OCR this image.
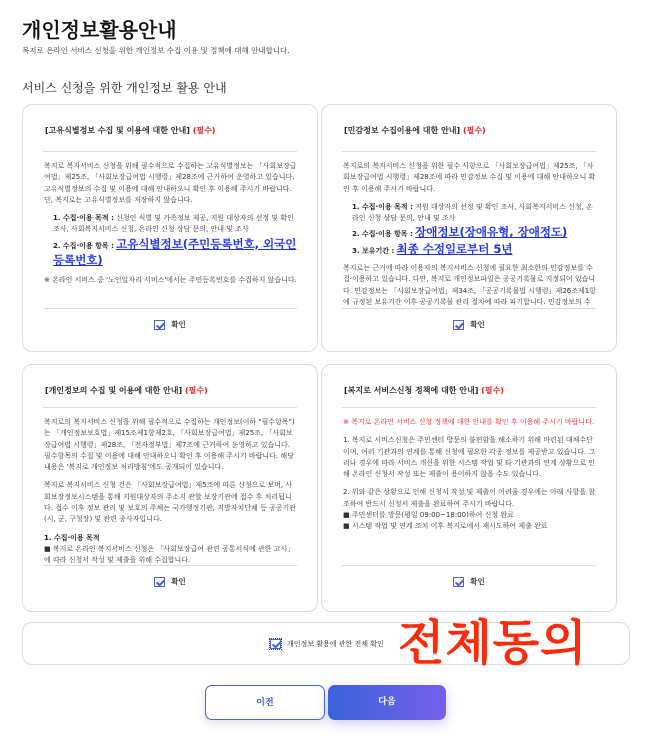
개인정보활용안내
복지로 온라인 서비스 신청을 위한 개인정보 수집 이용 및 정책에 대해 안내합니다.
서비스 신청을 위한 개인정보 활용 안내
[고유식별정보 수집 및 이용에 대한 안내] (필수)

복지로 복지서비스 신청을 위해 필수적으로 수집하는 고유식별정보는 「사회보장급여법」제25조, 「사회보장급여법 시행령」제28조에 근거하여 운영하고 있습니다. 고유식별정보의 수집 및 이용에 대해 안내하오니 확인 후 이용해 주시기 바랍니다. 단, 복지로는 고유식별정보를 저장하지 않습니다.

1. 수집·이용 목적 : 신청인 식별 및 가족정보 제공, 지원 대상자의 선정 및 확인 조사, 사회복지서비스 신청, 온라인 신청 상담 문의, 안내 및 조사
2. 수집·이용 항목 : 고유식별정보(주민등록번호, 외국인등록번호)

※ 온라인 서비스 중 '노인일자리 서비스'에서는 주민등록번호를 수집하지 않습니다.

확인
[민감정보 수집이용에 대한 안내] (필수)

복지로의 복지서비스 신청을 위한 필수 사항으로 「사회보장급여법」제25조, 「사회보장급여법 시행령」제28조에 따라 민감정보 수집 및 이용에 대해 안내하오니 확인 후 이용해 주시기 바랍니다.

1. 수집·이용 목적 : 지원 대상자의 선정 및 확인 조사, 사회복지서비스 신청, 온라인 신청 상담 문의, 안내 및 조사
2. 수집·이용 항목 : 장애정보(장애유형, 장애정도)
3. 보유기간 : 최종 수정일로부터 5년

복지로는 근거에 따라 이용자의 복지서비스 신청에 필요한 최소한의 민감정보를 수집·이용하고 있습니다. 다만, 복지로 개인정보파일은 공공기록물로 지정되어 있습니다. 민감정보는 「사회보장급여법」제34조, 「공공기록물법 시행령」제26조제1항에 규정된 보유기간 이후 공공기록물 관리 절차에 따라 파기합니다. 민감정보의 수

확인
[개인정보의 수집 및 이용에 대한 안내] (필수)

복지로의 복지서비스 신청을 위해 필수적으로 수집하는 개인정보(이하 "필수항목")는 「개인정보보호법」제15조제1항제2호, 「사회보장급여법」제25조, 「사회보장급여법 시행령」제28조, 「전자정부법」제7조에 근거하여 운영하고 있습니다. 필수항목의 수집 및 이용에 대해 안내하오니 확인 후 이용해 주시기 바랍니다. 해당 내용은 '복지로 개인정보 처리방침'에도 공개되어 있습니다.

복지로 복지서비스 신청 건은 「사회보장급여법」제5조에 따른 신청으로 보며, 사회보장정보시스템을 통해 지원대상자의 주소지 관할 보장기관에 접수 후 처리됩니다. 접수 이후 정보 관리 및 보호의 주체는 국가행정기관, 지방자치단체 등 공공기관(시, 군, 구청장) 및 관련 종사자입니다.

1. 수집·이용 목적
■ 복지로 온라인 복지서비스 신청은 「사회보장급여 관련 공통서식에 관한 고시」에 따라 신청서 작성 및 제출을 위해 수집합니다.
확인
[복지로 서비스신청 정책에 대한 안내] (필수)

※ 복지로 온라인 서비스 신청 정책에 대한 안내를 확인 후 이용해 주시기 바랍니다.

1. 복지로 서비스신청은 주민센터 방문의 불편함을 해소하기 위해 마련된 대체수단이며, 여러 기관과의 연계를 통해 신청에 필요한 각종 정보를 제공받고 있습니다. 그러나 경우에 따라 서비스 개선을 위한 시스템 작업 및 타 기관과의 연계 상황으로 인해 온라인 신청서 작성 또는 제출이 용이하지 않을 수도 있습니다.

2. 위와 같은 상황으로 인해 신청서 작성 및 제출이 어려울 경우에는 아래 사항을 참조하여 반드시 신청서 제출을 완료하여 주시기 바랍니다.
■ 주민센터를 방문(평일 09:00~18:00)하여 신청 완료
■ 시스템 작업 및 연계 조치 이후 복지로에서 재시도하여 제출 완료
확인
개인정보 활용에 관한 전체 확인 전체동의
이전	다음
